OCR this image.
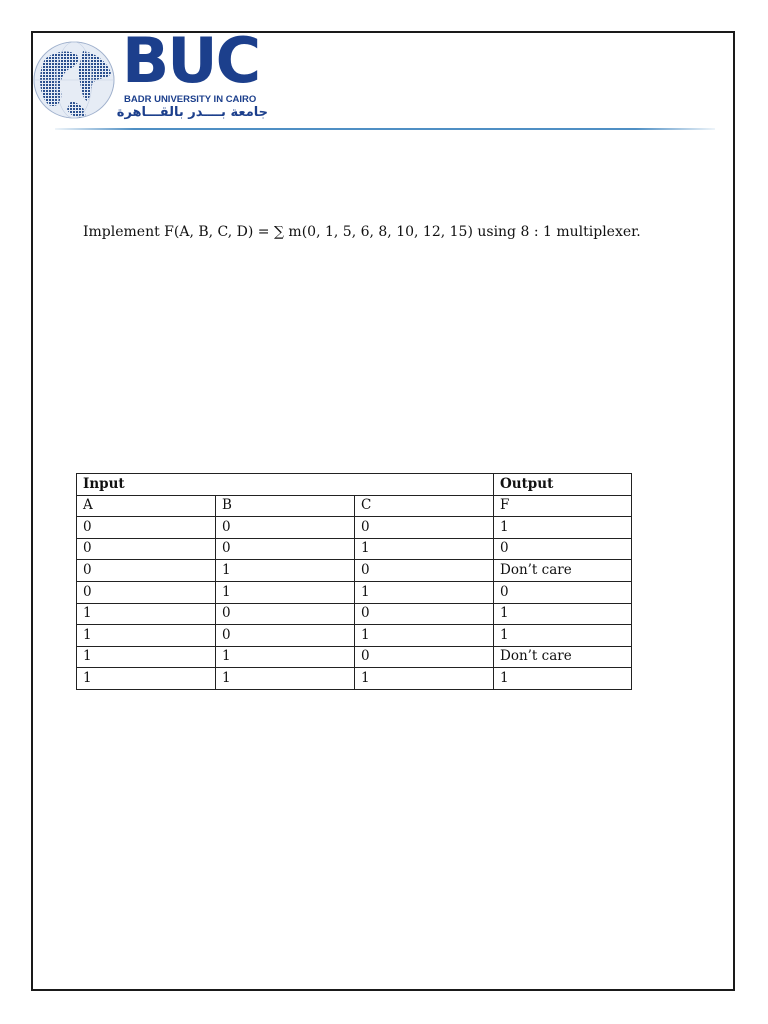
BUC
BADR UNIVERSITY IN CAIRO
جامعة بــــدر بالقـــاهرة
Implement F(A, B, C, D) = ∑ m(0, 1, 5, 6, 8, 10, 12, 15) using 8 : 1 multiplexer.
Input			Output
A	B	C	F
0	0	0	1
0	0	1	0
0	1	0	Don’t care
0	1	1	0
1	0	0	1
1	0	1	1
1	1	0	Don’t care
1	1	1	1
